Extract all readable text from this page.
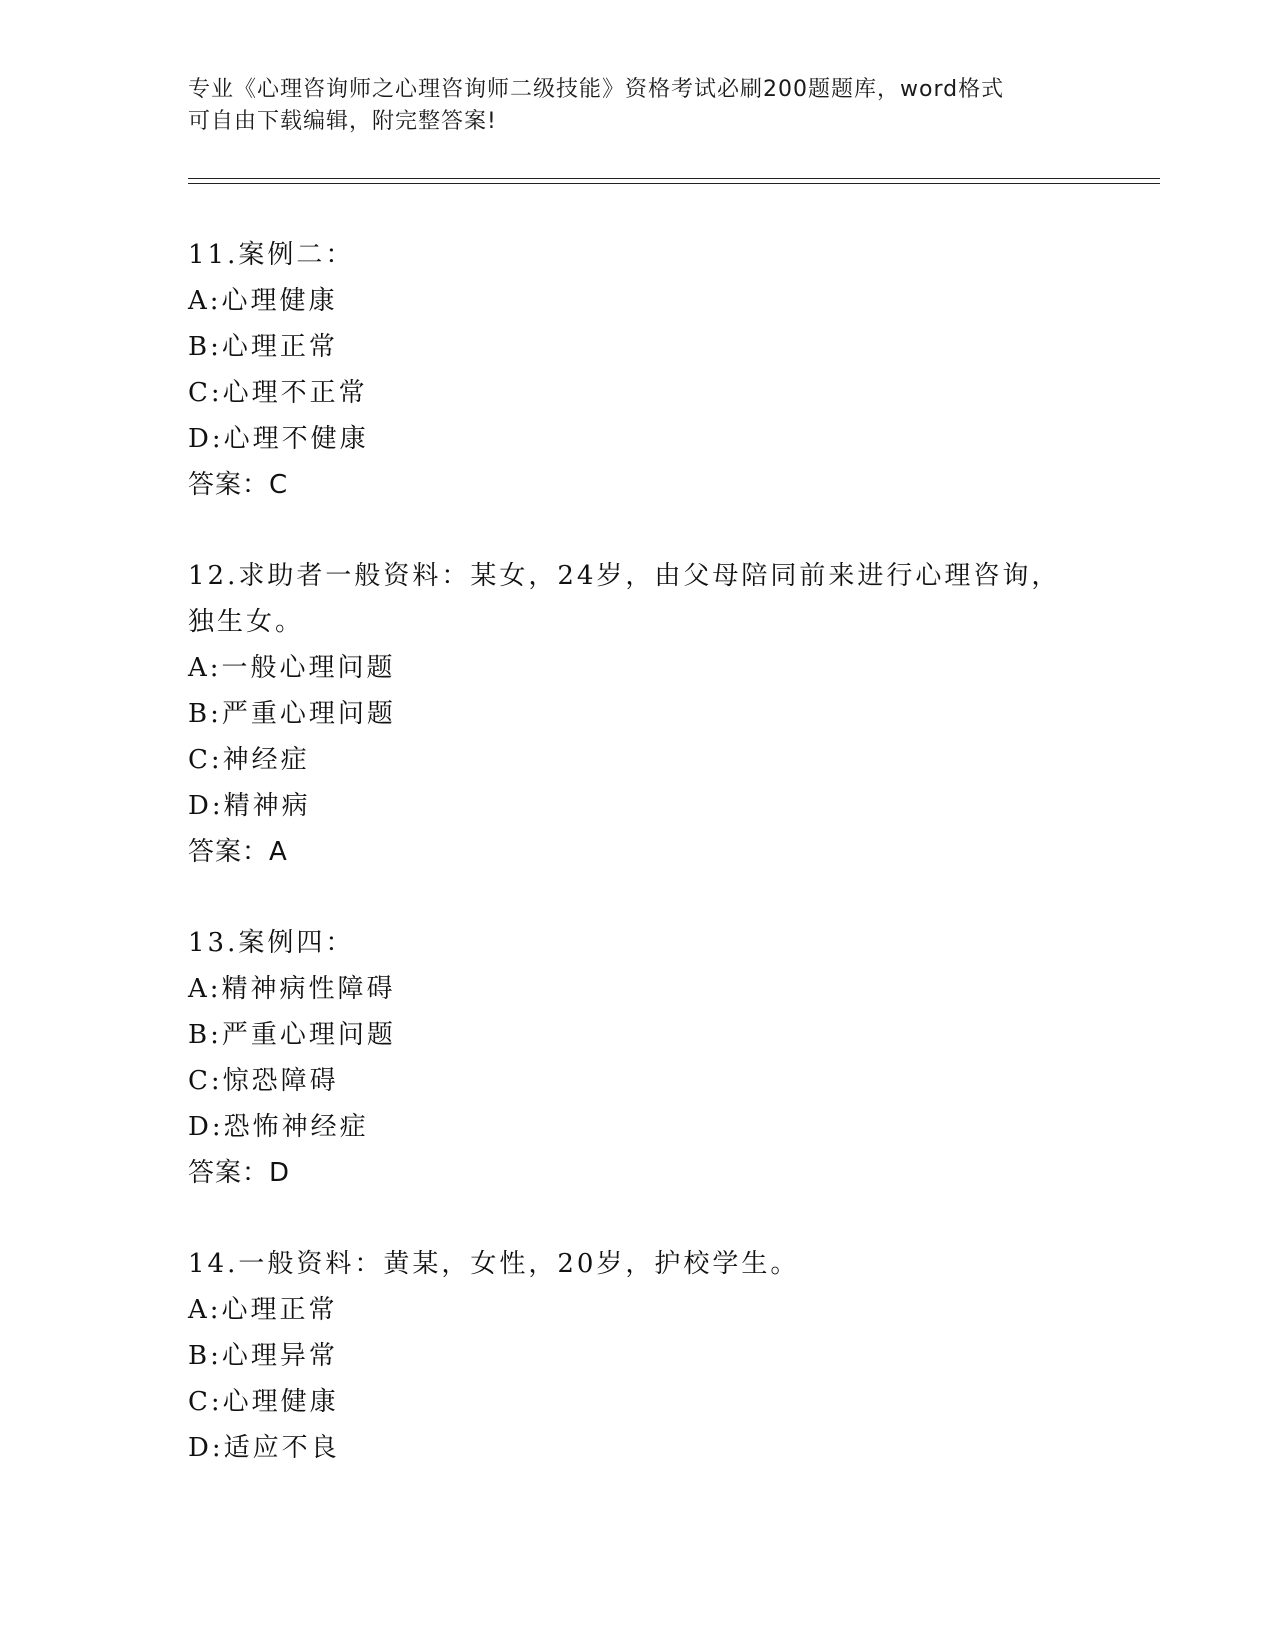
专业《心理咨询师之心理咨询师二级技能》资格考试必刷200题题库，word格式
可自由下载编辑，附完整答案!
11.案例二：
A:心理健康
B:心理正常
C:心理不正常
D:心理不健康
答案：C
12.求助者一般资料：某女，24岁，由父母陪同前来进行心理咨询，独生女。
A:一般心理问题
B:严重心理问题
C:神经症
D:精神病
答案：A
13.案例四：
A:精神病性障碍
B:严重心理问题
C:惊恐障碍
D:恐怖神经症
答案：D
14.一般资料：黄某，女性，20岁，护校学生。
A:心理正常
B:心理异常
C:心理健康
D:适应不良
